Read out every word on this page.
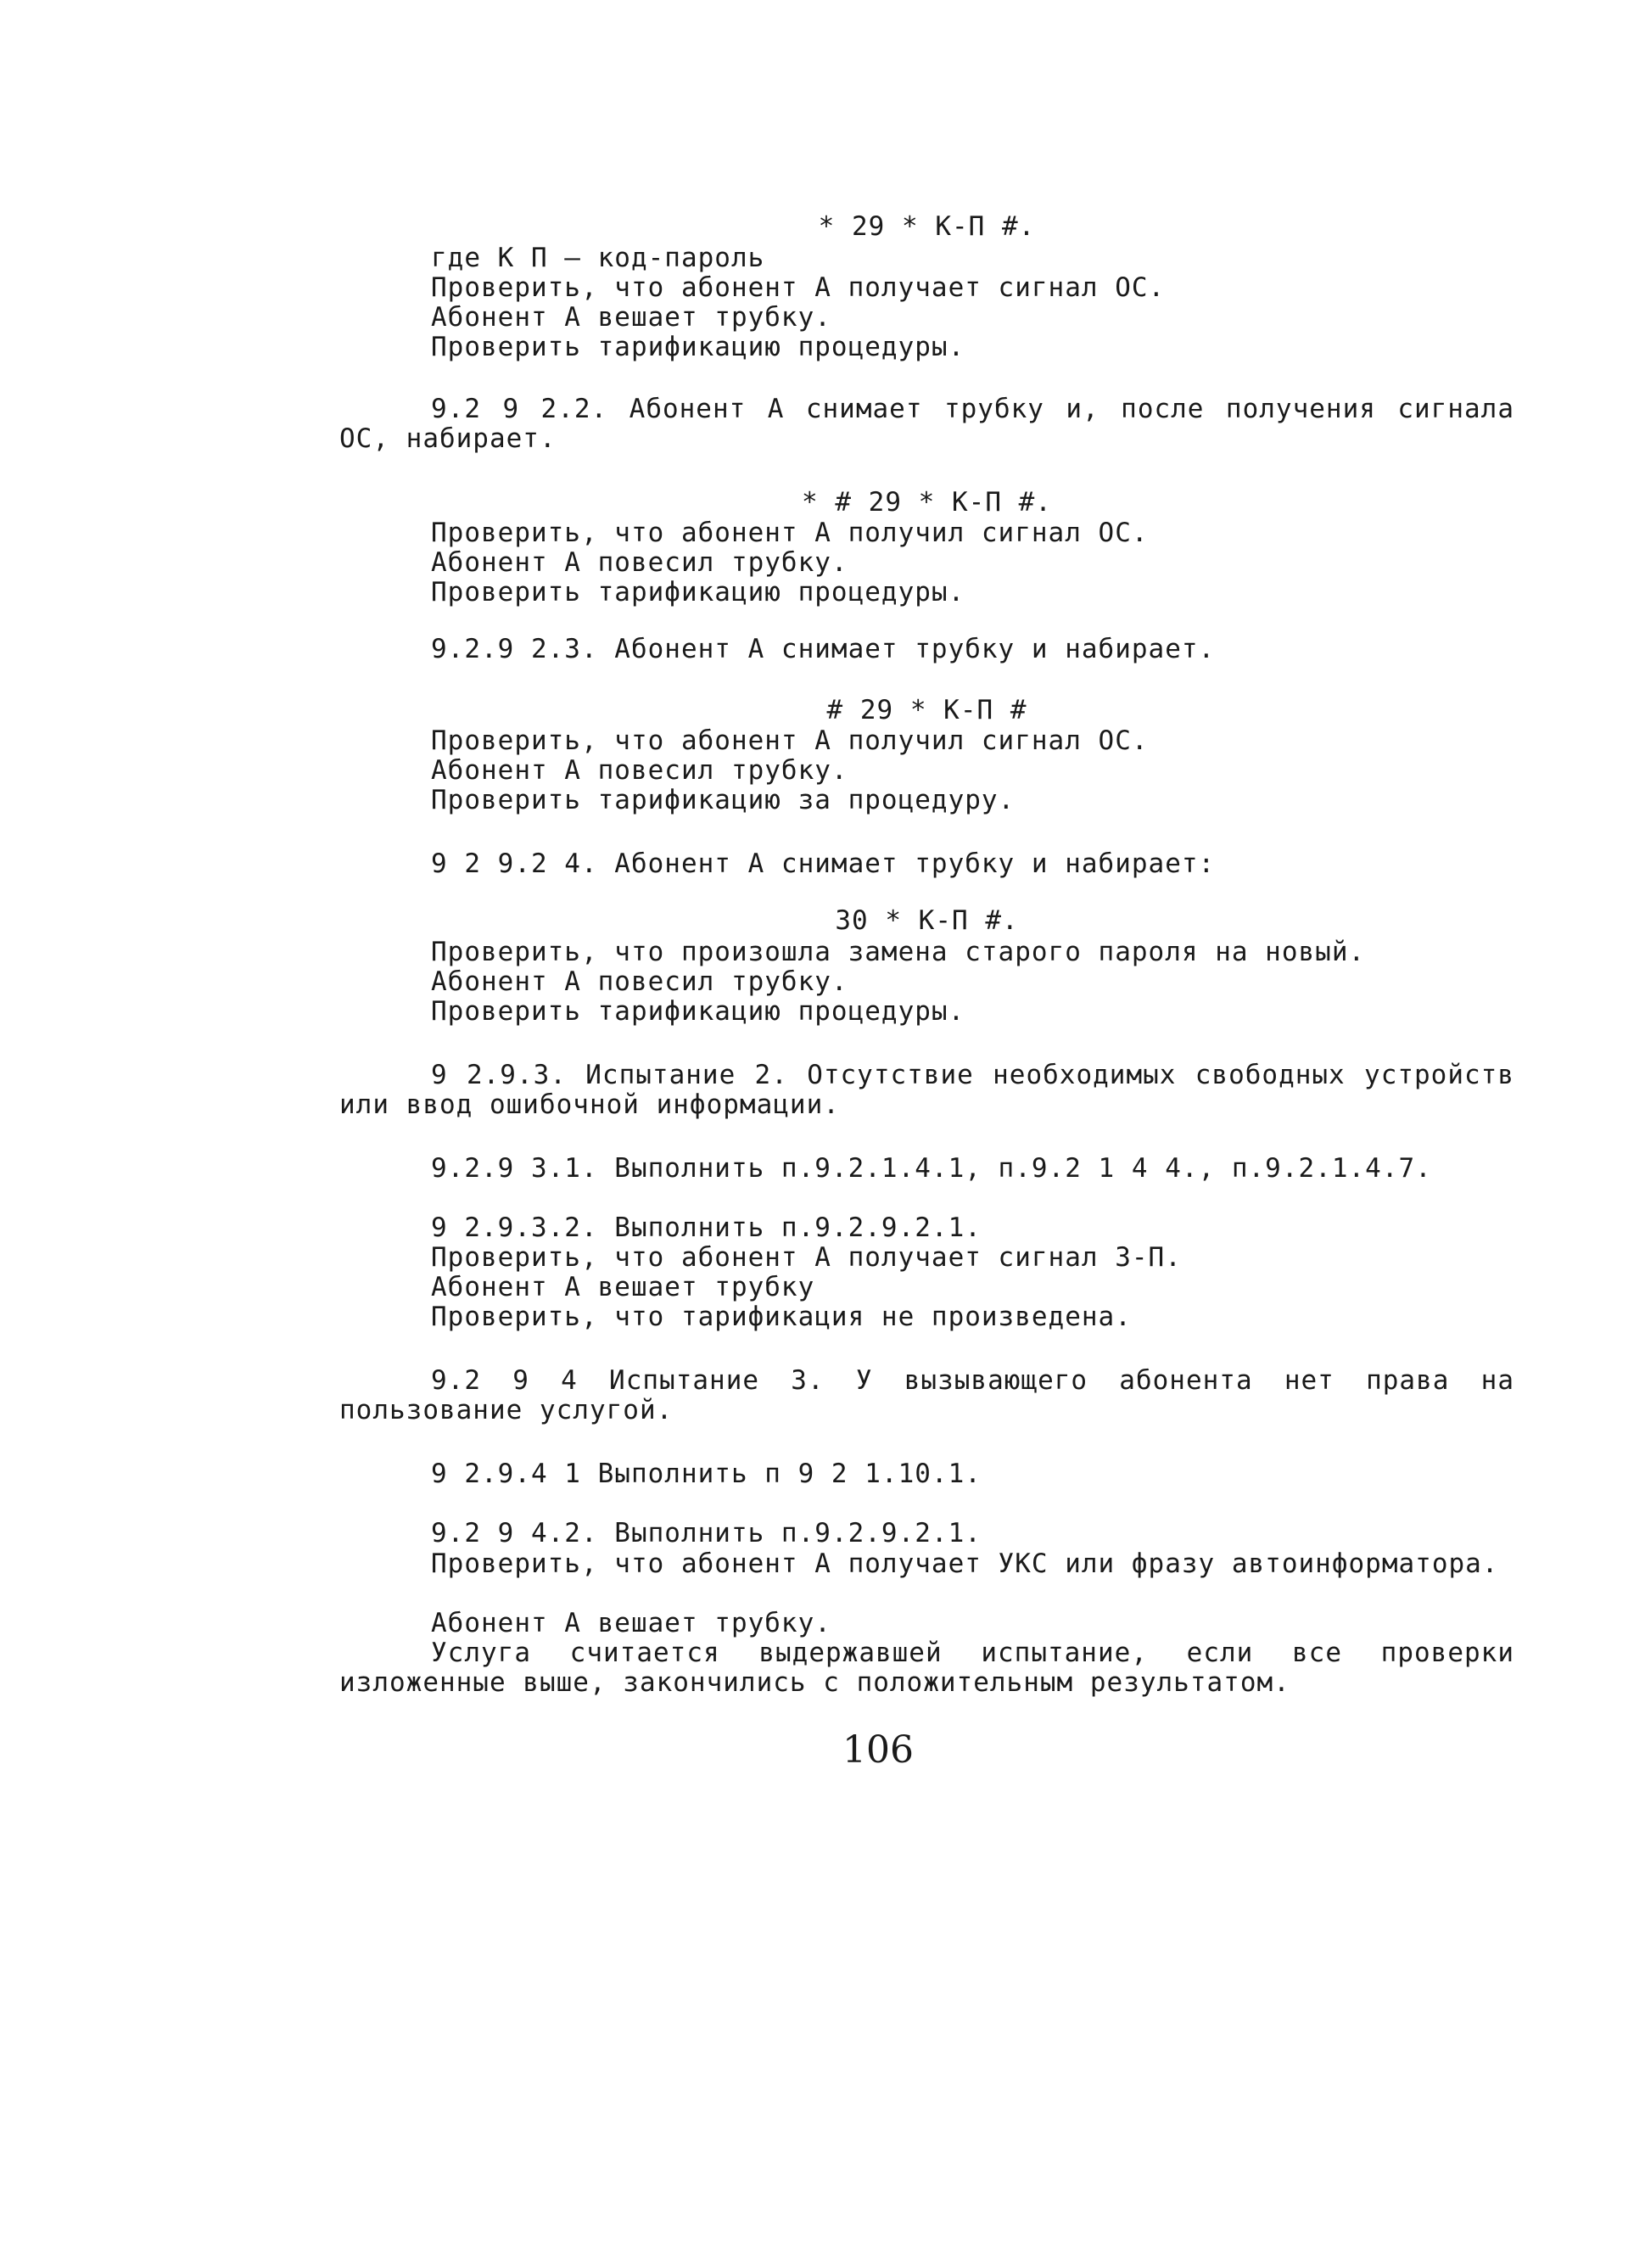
* 29 * К-П #.
где К П – код-пароль
Проверить, что абонент А получает сигнал ОС.
Абонент А вешает трубку.
Проверить тарификацию процедуры.
9.2 9 2.2. Абонент А снимает трубку и, после получения сигнала ОС, набирает.
* # 29 * К-П #.
Проверить, что абонент А получил сигнал ОС.
Абонент А повесил трубку.
Проверить тарификацию процедуры.
9.2.9 2.3. Абонент А снимает трубку и набирает.
# 29 * К-П #
Проверить, что абонент А получил сигнал ОС.
Абонент А повесил трубку.
Проверить тарификацию за процедуру.
9 2 9.2 4. Абонент А снимает трубку и набирает:
30 * К-П #.
Проверить, что произошла замена старого пароля на новый.
Абонент А повесил трубку.
Проверить тарификацию процедуры.
9 2.9.3. Испытание 2. Отсутствие необходимых свободных устройств или ввод ошибочной информации.
9.2.9 3.1. Выполнить п.9.2.1.4.1, п.9.2 1 4 4., п.9.2.1.4.7.
9 2.9.3.2. Выполнить п.9.2.9.2.1.
Проверить, что абонент А получает сигнал З-П.
Абонент А вешает трубку
Проверить, что тарификация не произведена.
9.2 9 4 Испытание 3. У вызывающего абонента нет права на пользование услугой.
9 2.9.4 1 Выполнить п 9 2 1.10.1.
9.2 9 4.2. Выполнить п.9.2.9.2.1.
Проверить, что абонент А получает УКС или фразу автоинформатора.
Абонент А вешает трубку.
Услуга считается выдержавшей испытание, если все проверки изложенные выше, закончились с положительным результатом.
106
